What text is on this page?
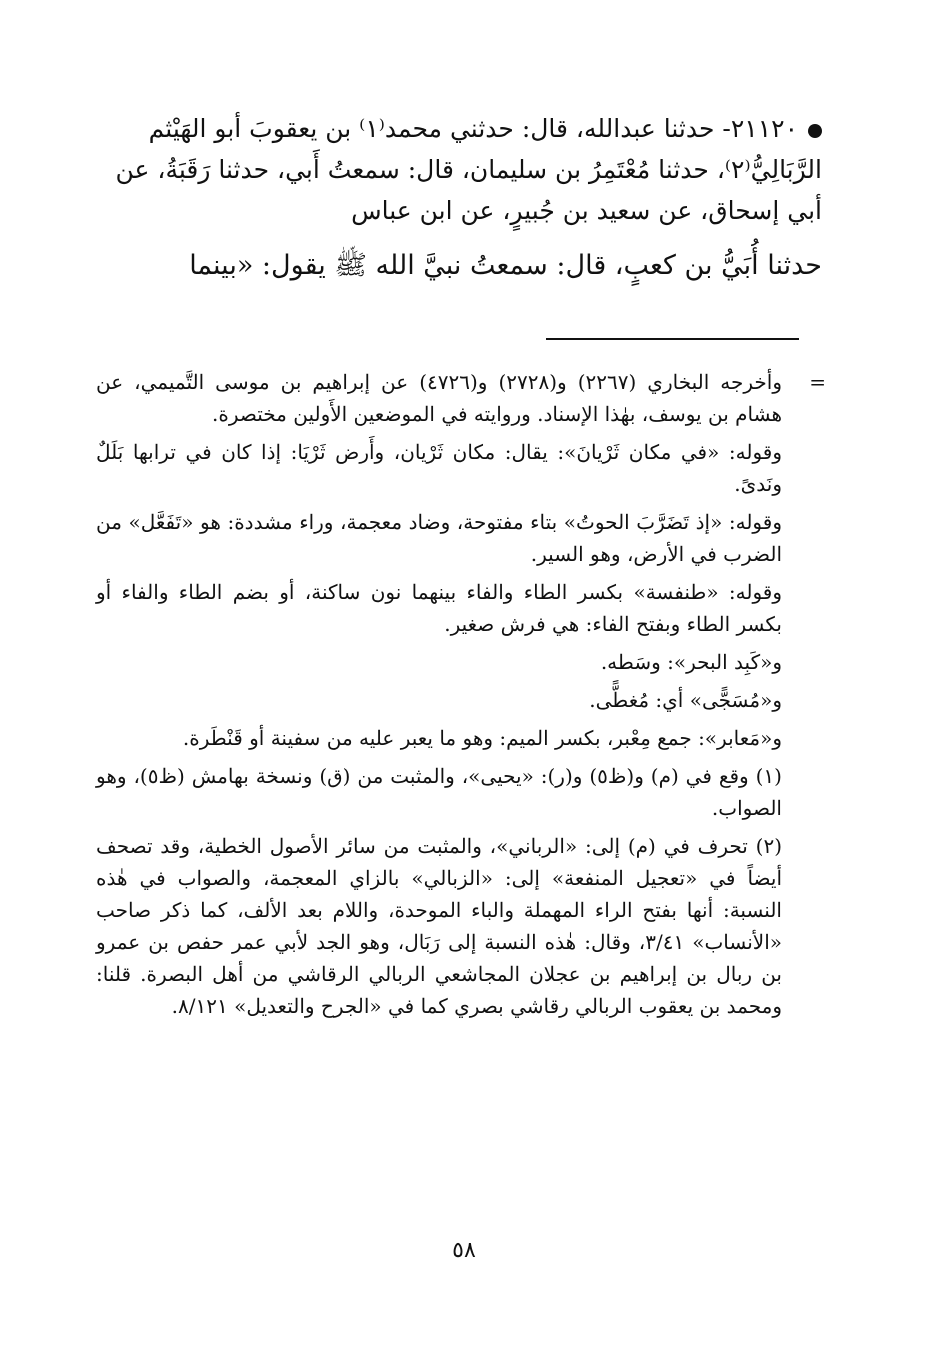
٢١١٢٠- حدثنا عبدالله، قال: حدثني محمد⁽١⁾ بن يعقوبَ أبو الهَيْثم

الرَّبَالِيُّ⁽٢⁾، حدثنا مُعْتَمِرُ بن سليمان، قال: سمعتُ أَبي، حدثنا رَقَبَةُ، عن

أبي إسحاق، عن سعيد بن جُبيرٍ، عن ابن عباس

حدثنا أُبَيُّ بن كعبٍ، قال: سمعتُ نبيَّ الله ﷺ يقول: «بينما

=
وأخرجه البخاري (٢٢٦٧) و(٢٧٢٨) و(٤٧٢٦) عن إبراهيم بن موسى التَّميمي، عن هشام بن يوسف، بهٰذا الإسناد. وروايته في الموضعين الأَولين مختصرة.

وقوله: «في مكان ثَرْيانَ»: يقال: مكان ثَرْيان، وأَرض ثَرْيَا: إذا كان في ترابها بَلَلٌ ونَدىً.

وقوله: «إذ تَضَرَّبَ الحوتُ» بتاء مفتوحة، وضاد معجمة، وراء مشددة: هو «تَفَعَّل» من الضرب في الأرض، وهو السير.

وقوله: «طنفسة» بكسر الطاء والفاء بينهما نون ساكنة، أو بضم الطاء والفاء أو بكسر الطاء وبفتح الفاء: هي فرش صغير.

و«كَبِد البحر»: وسَطه.

و«مُسَجًّى» أي: مُغطًّى.

و«مَعابر»: جمع مِعْبر، بكسر الميم: وهو ما يعبر عليه من سفينة أو قَنْطَرة.

(١) وقع في (م) و(ظ٥) و(ر): «يحيى»، والمثبت من (ق) ونسخة بهامش (ظ٥)، وهو الصواب.

(٢) تحرف في (م) إلى: «الرباني»، والمثبت من سائر الأصول الخطية، وقد تصحف أيضاً في «تعجيل المنفعة» إلى: «الزبالي» بالزاي المعجمة، والصواب في هٰذه النسبة: أنها بفتح الراء المهملة والباء الموحدة، واللام بعد الألف، كما ذكر صاحب «الأنساب» ٣/٤١، وقال: هٰذه النسبة إلى رَبَال، وهو الجد لأبي عمر حفص بن عمرو بن ربال بن إبراهيم بن عجلان المجاشعي الربالي الرقاشي من أهل البصرة. قلنا: ومحمد بن يعقوب الربالي رقاشي بصري كما في «الجرح والتعديل» ٨/١٢١.

٥٨
